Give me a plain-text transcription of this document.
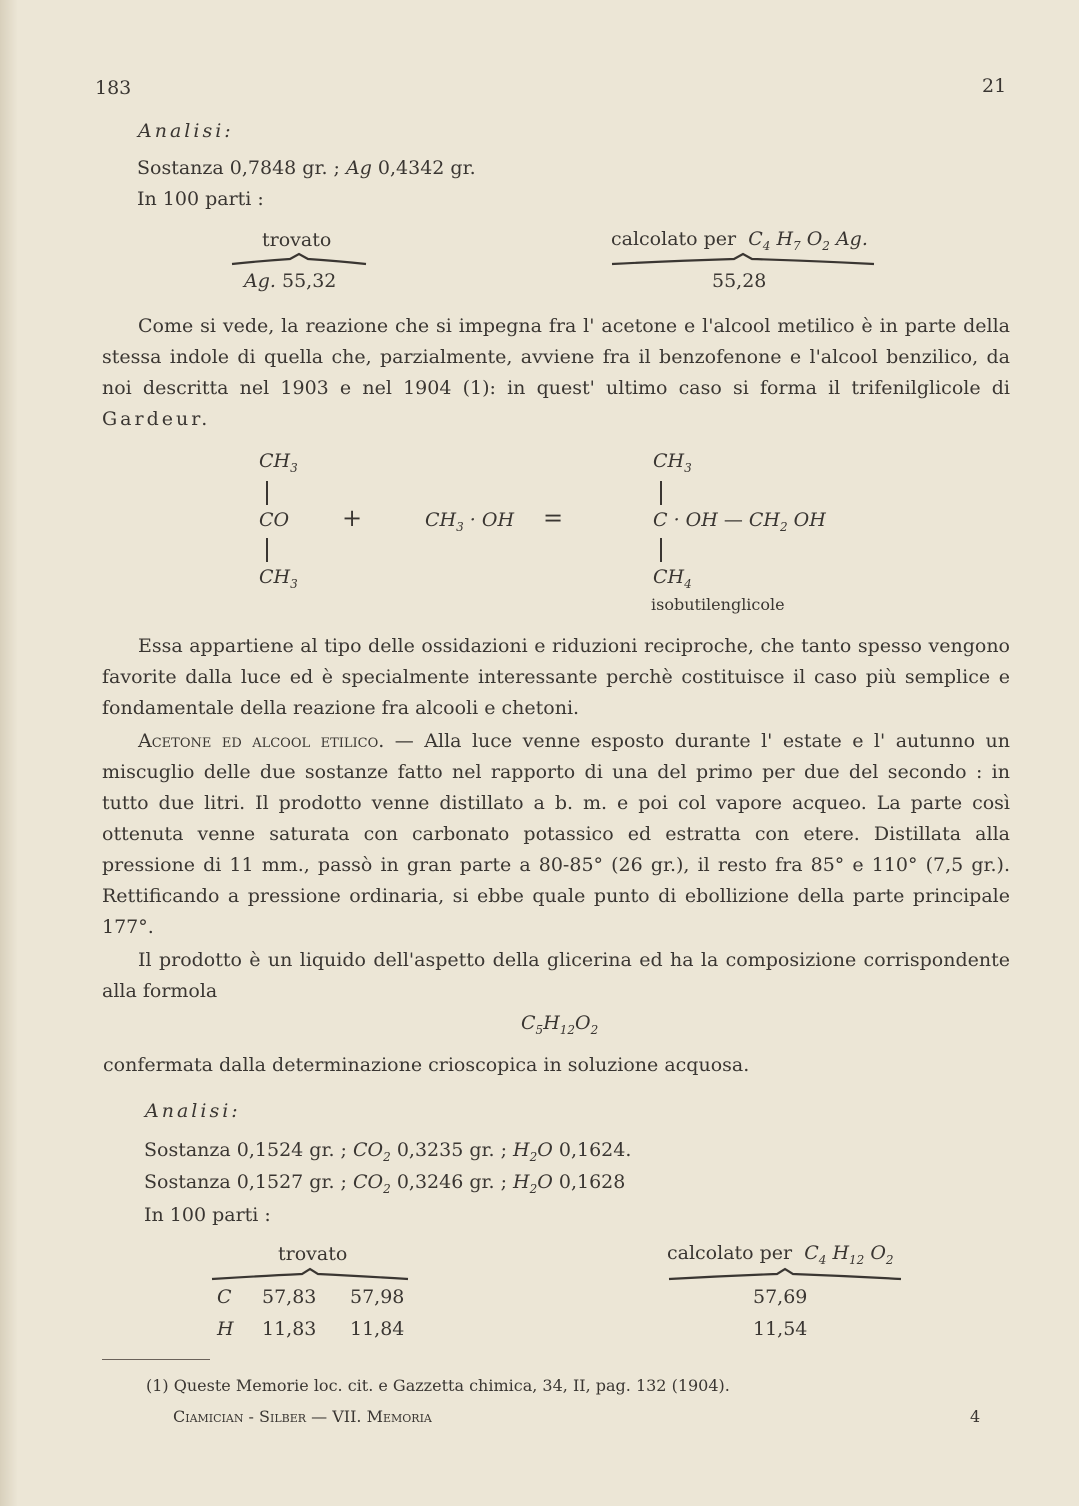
183	21
Analisi:
Sostanza 0,7848 gr. ; Ag 0,4342 gr.
In 100 parti :
trovato	calcolato per  $C_4$ $H_7$ $O_2$ Ag.
Ag. 55,32	55,28
Come si vede, la reazione che si impegna fra l' acetone e l'alcool metilico è in parte della stessa indole di quella che, parzialmente, avviene fra il benzofenone e l'alcool benzilico, da noi descritta nel 1903 e nel 1904 (1): in quest' ultimo caso si forma il trifenilglicole di Gardeur.
$CH_3$
CO
$CH_3$
+	$CH_3$ · OH =
$CH_3$
C · OH — $CH_2$ OH
$CH_4$
isobutilenglicole
Essa appartiene al tipo delle ossidazioni e riduzioni reciproche, che tanto spesso vengono favorite dalla luce ed è specialmente interessante perchè costituisce il caso più semplice e fondamentale della reazione fra alcooli e chetoni.
Acetone ed alcool etilico. — Alla luce venne esposto durante l' estate e l' autunno un miscuglio delle due sostanze fatto nel rapporto di una del primo per due del secondo : in tutto due litri. Il prodotto venne distillato a b. m. e poi col vapore acqueo. La parte così ottenuta venne saturata con carbonato potassico ed estratta con etere. Distillata alla pressione di 11 mm., passò in gran parte a 80-85° (26 gr.), il resto fra 85° e 110° (7,5 gr.). Rettificando a pressione ordinaria, si ebbe quale punto di ebollizione della parte principale 177°.
Il prodotto è un liquido dell'aspetto della glicerina ed ha la composizione corrispondente alla formola
$C_5H_{12}O_2$
confermata dalla determinazione crioscopica in soluzione acquosa.
Analisi:
Sostanza 0,1524 gr. ; $CO_2$ 0,3235 gr. ; $H_2O$ 0,1624.
Sostanza 0,1527 gr. ; $CO_2$ 0,3246 gr. ; $H_2O$ 0,1628
In 100 parti :
trovato	calcolato per  $C_4$ $H_{12}$ $O_2$
C 57,83 57,98	57,69
H 11,83 11,84	11,54
(1) Queste Memorie loc. cit. e Gazzetta chimica, 34, II, pag. 132 (1904).
Ciamician - Silber — VII. Memoria	4
